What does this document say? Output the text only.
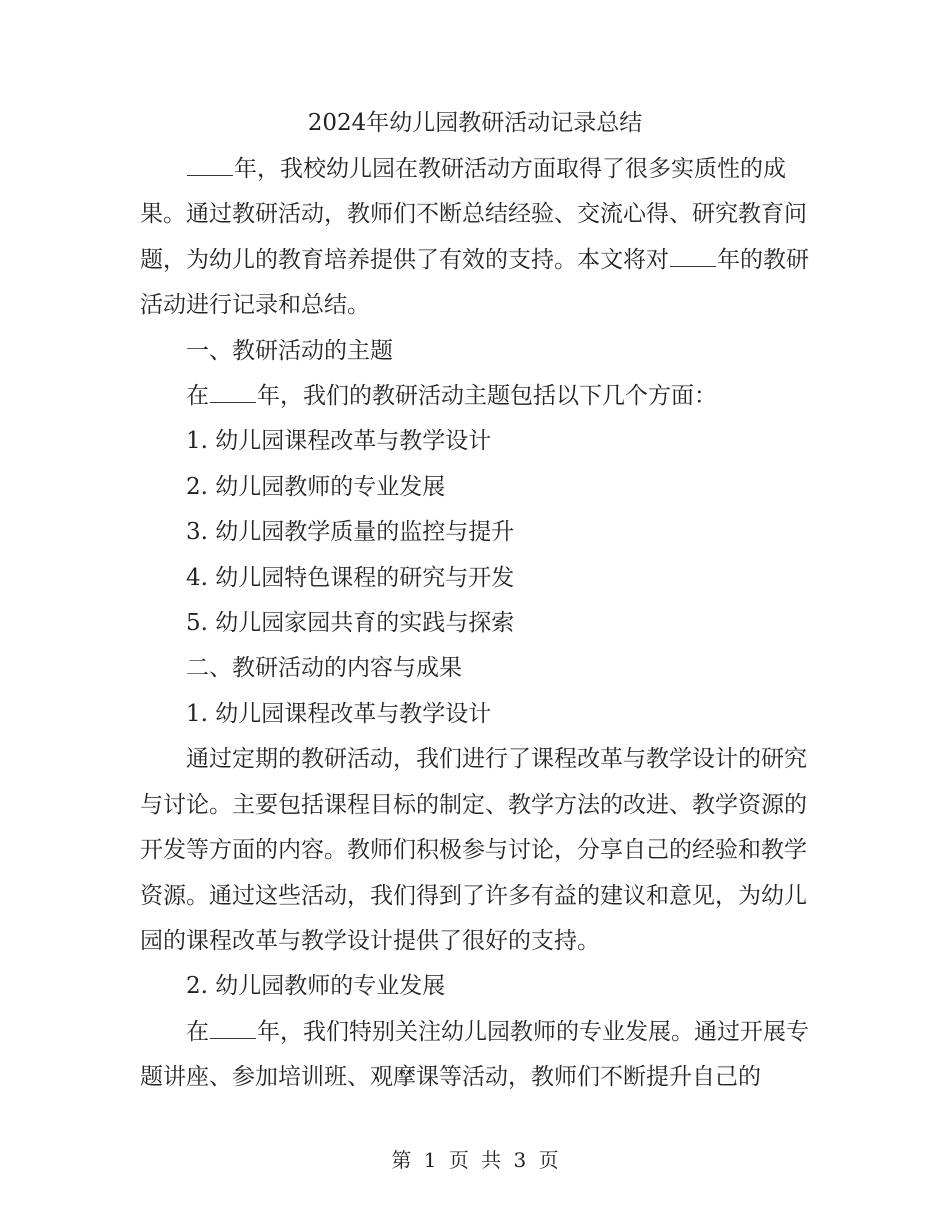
2024年幼儿园教研活动记录总结

年，我校幼儿园在教研活动方面取得了很多实质性的成果。通过教研活动，教师们不断总结经验、交流心得、研究教育问题，为幼儿的教育培养提供了有效的支持。本文将对 年的教研活动进行记录和总结。

一、教研活动的主题

在 年，我们的教研活动主题包括以下几个方面：

1. 幼儿园课程改革与教学设计

2. 幼儿园教师的专业发展

3. 幼儿园教学质量的监控与提升

4. 幼儿园特色课程的研究与开发

5. 幼儿园家园共育的实践与探索

二、教研活动的内容与成果

1. 幼儿园课程改革与教学设计

通过定期的教研活动，我们进行了课程改革与教学设计的研究与讨论。主要包括课程目标的制定、教学方法的改进、教学资源的开发等方面的内容。教师们积极参与讨论，分享自己的经验和教学资源。通过这些活动，我们得到了许多有益的建议和意见，为幼儿园的课程改革与教学设计提供了很好的支持。

2. 幼儿园教师的专业发展

在 年，我们特别关注幼儿园教师的专业发展。通过开展专题讲座、参加培训班、观摩课等活动，教师们不断提升自己的

第 1 页 共 3 页
